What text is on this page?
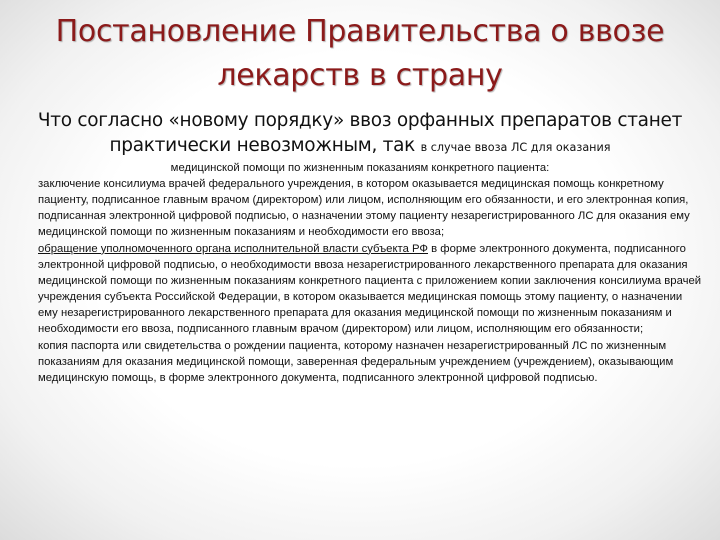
Постановление Правительства о ввозе лекарств в страну
Что согласно «новому порядку» ввоз орфанных препаратов станет практически невозможным, так в случае ввоза ЛС для оказания
медицинской помощи по жизненным показаниям конкретного пациента:

заключение консилиума врачей федерального учреждения, в котором оказывается медицинская помощь конкретному пациенту, подписанное главным врачом (директором) или лицом, исполняющим его обязанности, и его электронная копия, подписанная электронной цифровой подписью, о назначении этому пациенту незарегистрированного ЛС для оказания ему медицинской помощи по жизненным показаниям и необходимости его ввоза;

обращение уполномоченного органа исполнительной власти субъекта РФ в форме электронного документа, подписанного электронной цифровой подписью, о необходимости ввоза незарегистрированного лекарственного препарата для оказания медицинской помощи по жизненным показаниям конкретного пациента с приложением копии заключения консилиума врачей учреждения субъекта Российской Федерации, в котором оказывается медицинская помощь этому пациенту, о назначении ему незарегистрированного лекарственного препарата для оказания медицинской помощи по жизненным показаниям и необходимости его ввоза, подписанного главным врачом (директором) или лицом, исполняющим его обязанности;

копия паспорта или свидетельства о рождении пациента, которому назначен незарегистрированный ЛС по жизненным показаниям для оказания медицинской помощи, заверенная федеральным учреждением (учреждением), оказывающим медицинскую помощь, в форме электронного документа, подписанного электронной цифровой подписью.
